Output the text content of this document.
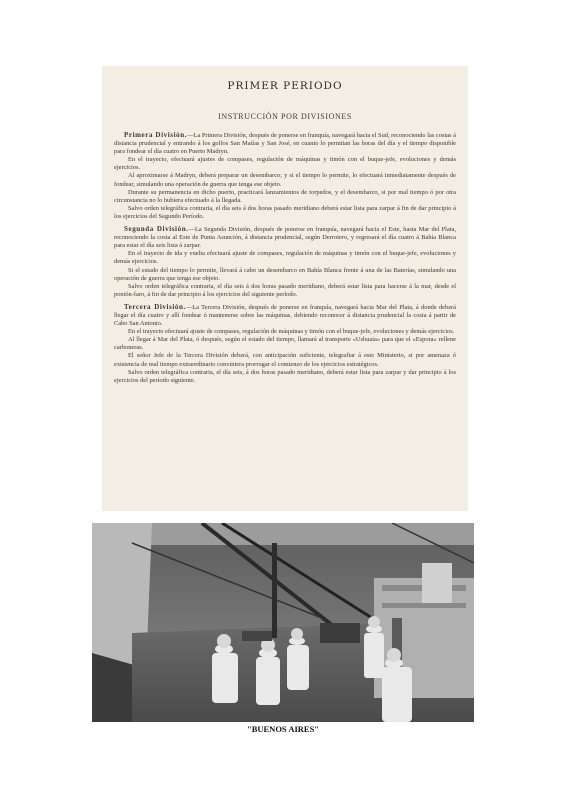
PRIMER PERIODO
INSTRUCCIÓN POR DIVISIONES

Primera División.—La Primera División, después de ponerse en franquía, navegará hacia el Sud, reconociendo las costas á distancia prudencial y entrando á los golfos San Matías y San José, en cuanto lo permitan las horas del día y el tiempo disponible para fondear el día cuatro en Puerto Madryn.

En el trayecto, efectuará ajustes de compases, regulación de máquinas y timón con el buque-jefe, evoluciones y demás ejercicios.

Al aproximarse á Madryn, deberá preparar un desembarco; y si el tiempo lo permite, lo efectuará inmediatamente después de fondear, simulando una operación de guerra que tenga ese objeto.

Durante su permanencia en dicho puerto, practicará lanzamientos de torpedos, y el desembarco, si por mal tiempo ó por otra circunstancia no lo hubiera efectuado á la llegada.

Salvo orden telegráfica contraria, el día seis á dos horas pasado meridiano deberá estar lista para zarpar á fin de dar principio á los ejercicios del Segundo Período.

Segunda División.—La Segunda División, después de ponerse en franquía, navegará hacia el Este, hasta Mar del Plata, reconociendo la costa al Este de Punta Asunción, á distancia prudencial, según Derrotero, y regresará el día cuatro á Bahía Blanca para estar el día seis lista á zarpar.

En el trayecto de ida y vuelta efectuará ajuste de compases, regulación de máquinas y timón con el buque-jefe, evoluciones y demás ejercicios.

Si el estado del tiempo lo permite, llevará á cabo un desembarco en Bahía Blanca frente á una de las Baterías, simulando una operación de guerra que tenga ese objeto.

Salvo orden telegráfica contraria, el día seis á dos horas pasado meridiano, deberá estar lista para hacerse á la mar, desde el pontón-faro, á fin de dar principio á los ejercicios del siguiente período.

Tercera División.—La Tercera División, después de ponerse en franquía, navegará hacia Mar del Plata, á donde deberá llegar el día cuatro y allí fondear ó mantenerse sobre las máquinas, debiendo reconocer á distancia prudencial la costa á partir de Cabo San Antonio.

En el trayecto efectuará ajuste de compases, regulación de máquinas y timón con el buque-jefe, evoluciones y demás ejercicios.

Al llegar á Mar del Plata, ó después, según el estado del tiempo, llamará al transporte «Ushuaia» para que el «Espora» rellene carboneras.

El señor Jefe de la Tercera División deberá, con anticipación suficiente, telegrafiar á este Ministerio, si por amenaza ó existencia de mal tiempo extraordinario conviniera prorrogar el comienzo de los ejercicios estratégicos.

Salvo orden telegráfica contraria, el día seis, á dos horas pasado meridiano, deberá estar lista para zarpar y dar principio á los ejercicios del período siguiente.

"BUENOS AIRES"
